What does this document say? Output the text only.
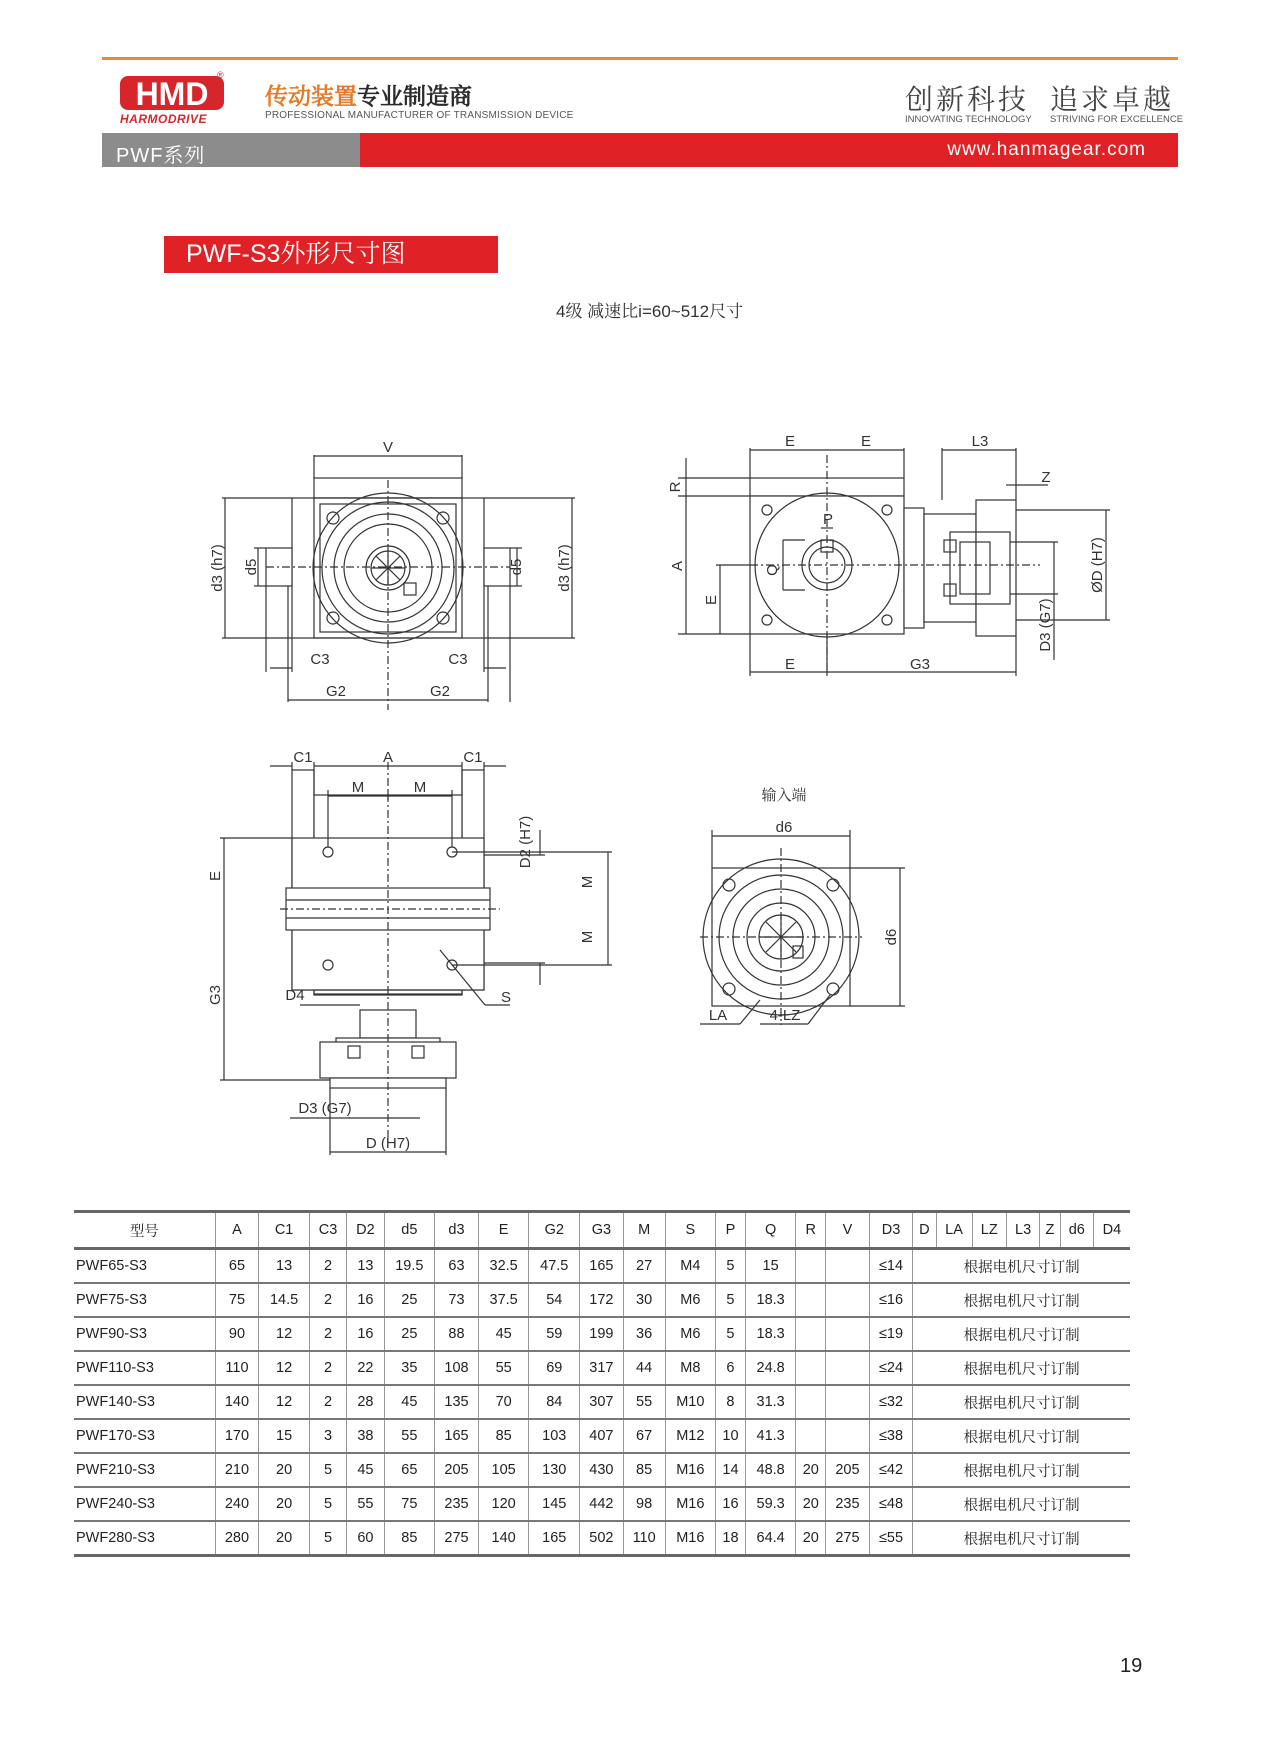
HMD
®
HARMODRIVE
传动装置专业制造商
PROFESSIONAL MANUFACTURER OF TRANSMISSION DEVICE	创新科技
INNOVATING TECHNOLOGY
追求卓越
STRIVING FOR EXCELLENCE
PWF系列	www.hanmagear.com
PWF-S3外形尺寸图
4级 减速比i=60~512尺寸
V
d3 (h7) d5	d5 d3 (h7)
C3	C3
G2	G2
E	E	L3
R
Z
P
A	Q
E
ØD (H7)
D3 (G7)
E	G3
C1	A	C1
M	M
D2 (H7)
E	M
M
G3	D4	S
D3 (G7)
D (H7)
输入端
d6
d6
LA	4-LZ
型号	A	C1	C3	D2	d5	d3	E	G2	G3	M	S	P	Q	R	V	D3	D	LA	LZ	L3	Z	d6	D4
PWF65-S3	65	13	2	13	19.5	63	32.5	47.5	165	27	M4	5	15			≤14	根据电机尺寸订制						
PWF75-S3	75	14.5	2	16	25	73	37.5	54	172	30	M6	5	18.3			≤16	根据电机尺寸订制						
PWF90-S3	90	12	2	16	25	88	45	59	199	36	M6	5	18.3			≤19	根据电机尺寸订制						
PWF110-S3	110	12	2	22	35	108	55	69	317	44	M8	6	24.8			≤24	根据电机尺寸订制						
PWF140-S3	140	12	2	28	45	135	70	84	307	55	M10	8	31.3			≤32	根据电机尺寸订制						
PWF170-S3	170	15	3	38	55	165	85	103	407	67	M12	10	41.3			≤38	根据电机尺寸订制						
PWF210-S3	210	20	5	45	65	205	105	130	430	85	M16	14	48.8	20	205	≤42	根据电机尺寸订制						
PWF240-S3	240	20	5	55	75	235	120	145	442	98	M16	16	59.3	20	235	≤48	根据电机尺寸订制						
PWF280-S3	280	20	5	60	85	275	140	165	502	110	M16	18	64.4	20	275	≤55	根据电机尺寸订制						
19
